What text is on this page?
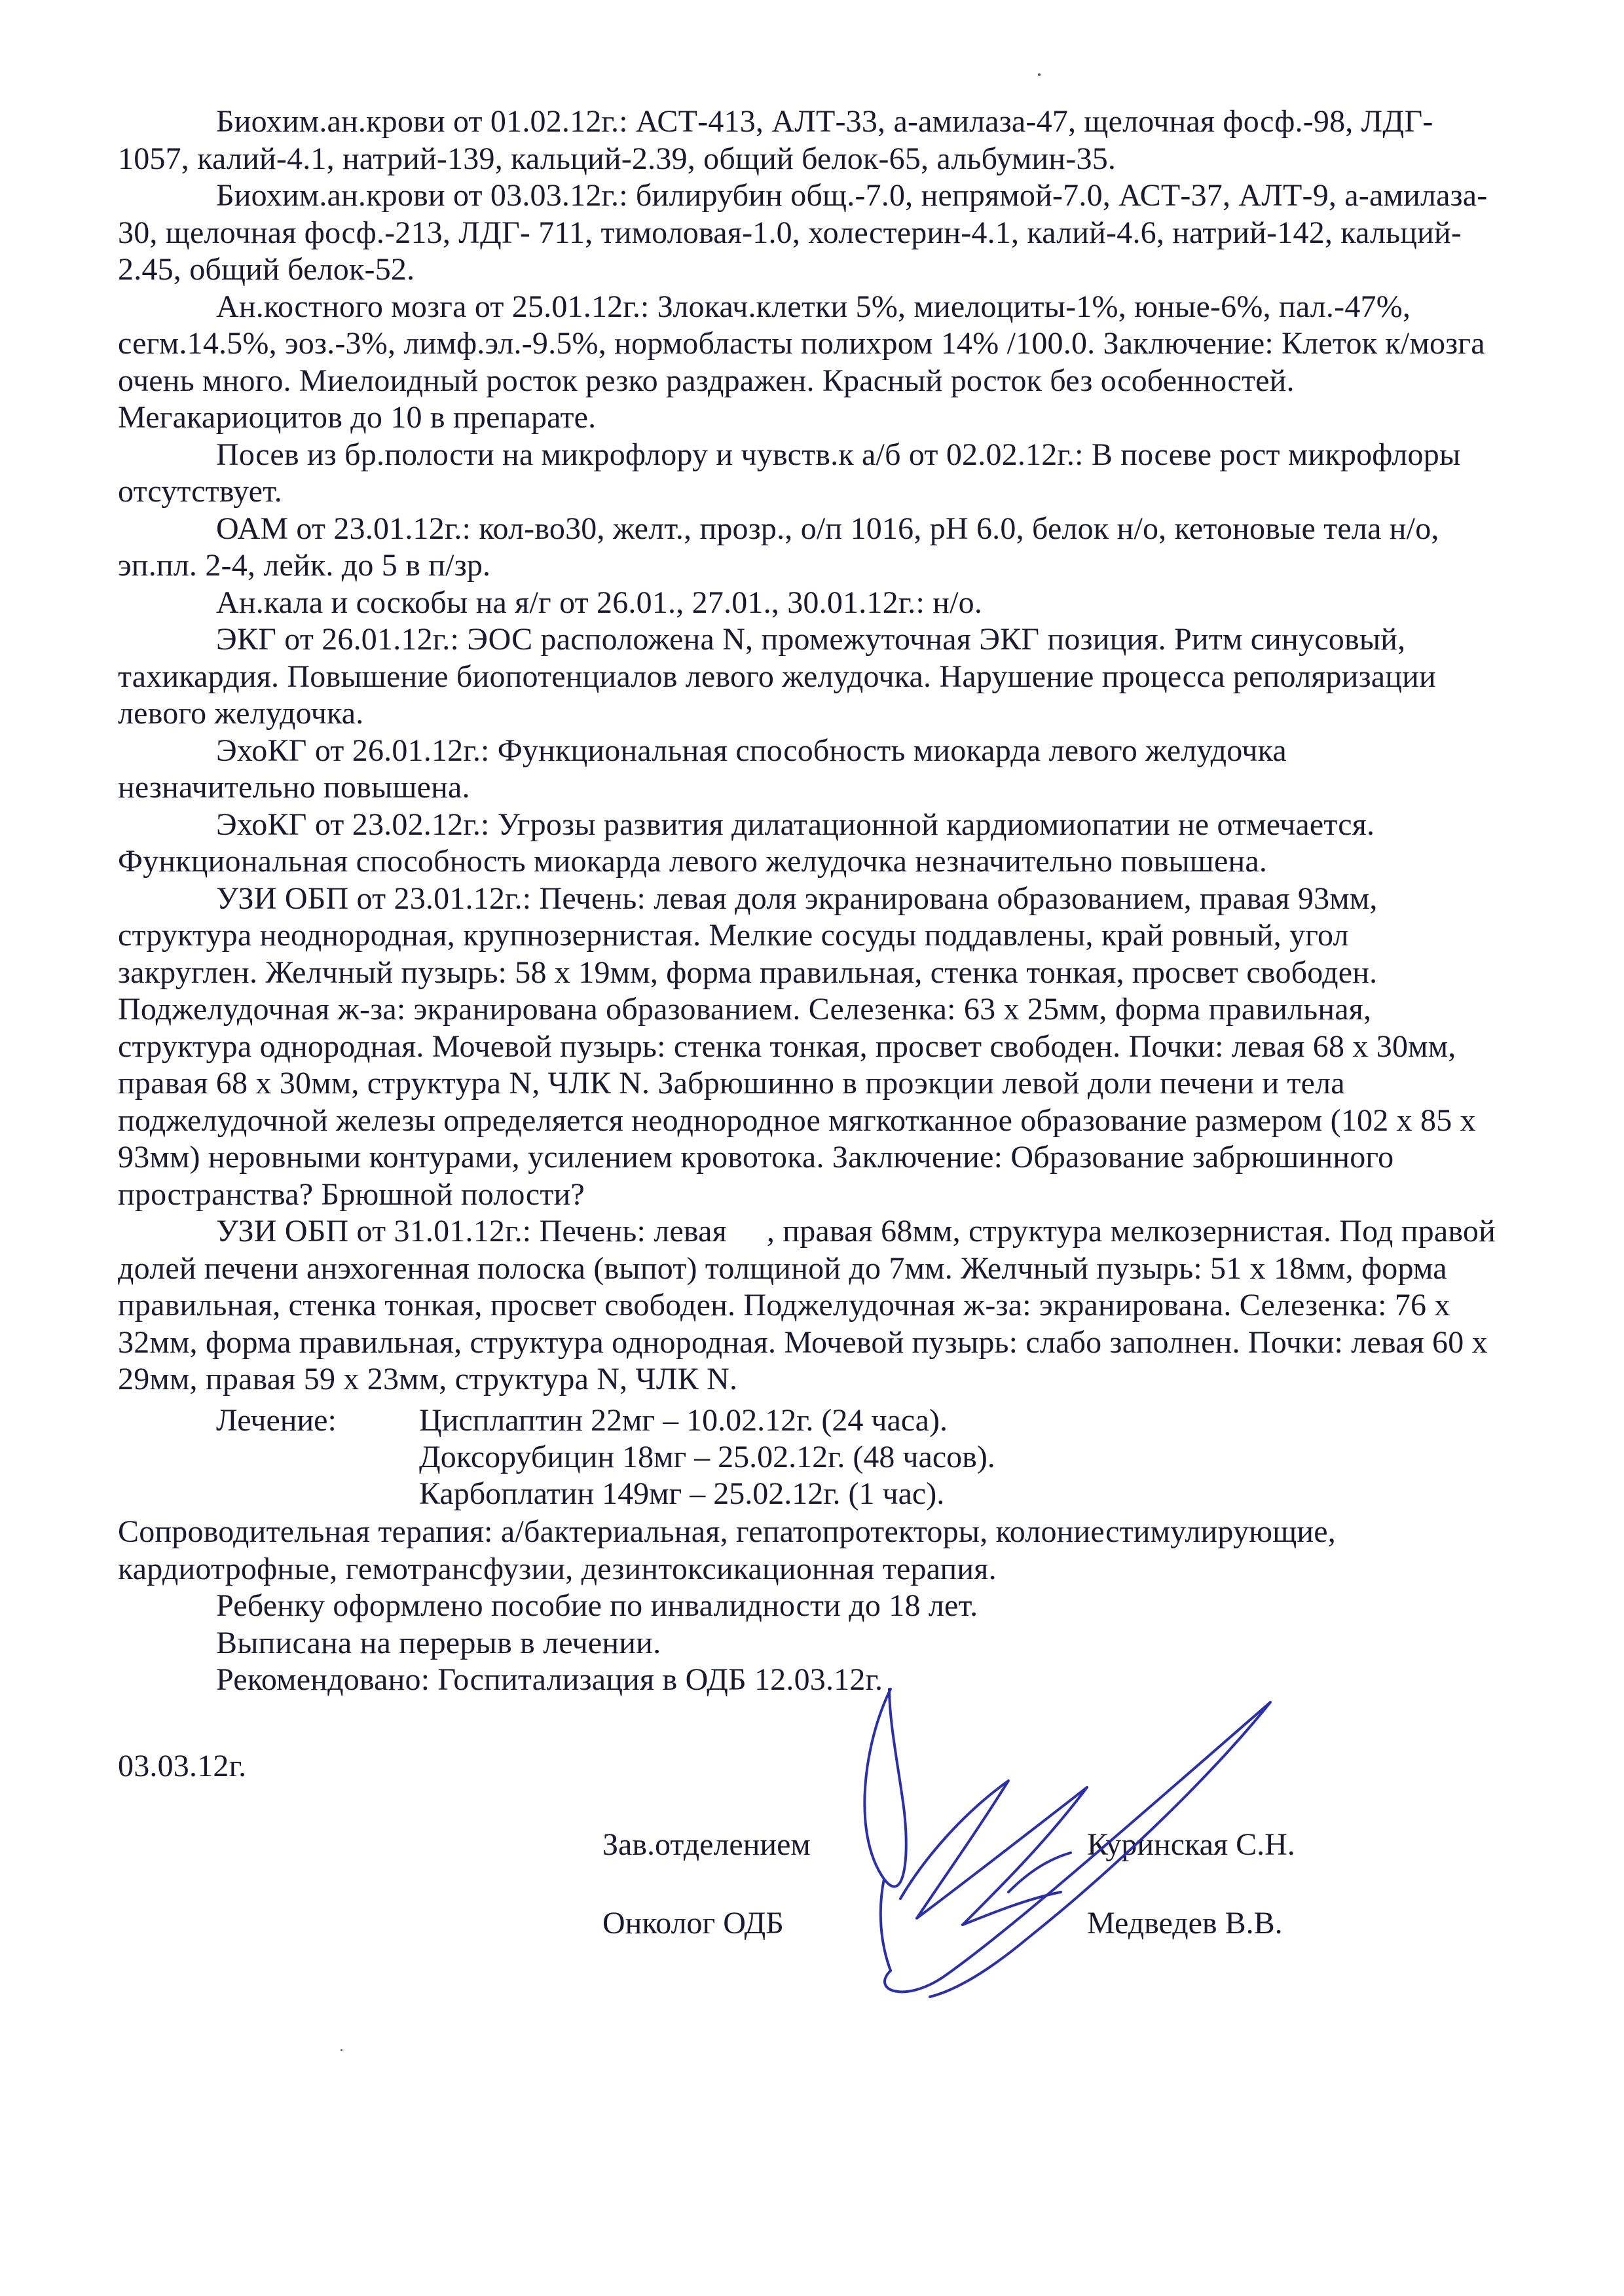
Биохим.ан.крови от 01.02.12г.: АСТ-413, АЛТ-33, а-амилаза-47, щелочная фосф.-98, ЛДГ-
1057, калий-4.1, натрий-139, кальций-2.39, общий белок-65, альбумин-35.
Биохим.ан.крови от 03.03.12г.: билирубин общ.-7.0, непрямой-7.0, АСТ-37, АЛТ-9, а-амилаза-
30, щелочная фосф.-213, ЛДГ- 711, тимоловая-1.0, холестерин-4.1, калий-4.6, натрий-142, кальций-
2.45, общий белок-52.
Ан.костного мозга от 25.01.12г.: Злокач.клетки 5%, миелоциты-1%, юные-6%, пал.-47%,
сегм.14.5%, эоз.-3%, лимф.эл.-9.5%, нормобласты полихром 14% /100.0. Заключение: Клеток к/мозга
очень много. Миелоидный росток резко раздражен. Красный росток без особенностей.
Мегакариоцитов до 10 в препарате.
Посев из бр.полости на микрофлору и чувств.к а/б от 02.02.12г.: В посеве рост микрофлоры
отсутствует.
ОАМ от 23.01.12г.: кол-во30, желт., прозр., о/п 1016, pH 6.0, белок н/о, кетоновые тела н/о,
эп.пл. 2-4, лейк. до 5 в п/зр.
Ан.кала и соскобы на я/г от 26.01., 27.01., 30.01.12г.: н/о.
ЭКГ от 26.01.12г.: ЭОС расположена N, промежуточная ЭКГ позиция. Ритм синусовый,
тахикардия. Повышение биопотенциалов левого желудочка. Нарушение процесса реполяризации
левого желудочка.
ЭхоКГ от 26.01.12г.: Функциональная способность миокарда левого желудочка
незначительно повышена.
ЭхоКГ от 23.02.12г.: Угрозы развития дилатационной кардиомиопатии не отмечается.
Функциональная способность миокарда левого желудочка незначительно повышена.
УЗИ ОБП от 23.01.12г.: Печень: левая доля экранирована образованием, правая 93мм,
структура неоднородная, крупнозернистая. Мелкие сосуды поддавлены, край ровный, угол
закруглен. Желчный пузырь: 58 х 19мм, форма правильная, стенка тонкая, просвет свободен.
Поджелудочная ж-за: экранирована образованием. Селезенка: 63 х 25мм, форма правильная,
структура однородная. Мочевой пузырь: стенка тонкая, просвет свободен. Почки: левая 68 х 30мм,
правая 68 х 30мм, структура N, ЧЛК N. Забрюшинно в проэкции левой доли печени и тела
поджелудочной железы определяется неоднородное мягкотканное образование размером (102 х 85 х
93мм) неровными контурами, усилением кровотока. Заключение: Образование забрюшинного
пространства? Брюшной полости?
УЗИ ОБП от 31.01.12г.: Печень: левая     , правая 68мм, структура мелкозернистая. Под правой
долей печени анэхогенная полоска (выпот) толщиной до 7мм. Желчный пузырь: 51 х 18мм, форма
правильная, стенка тонкая, просвет свободен. Поджелудочная ж-за: экранирована. Селезенка: 76 х
32мм, форма правильная, структура однородная. Мочевой пузырь: слабо заполнен. Почки: левая 60 х
29мм, правая 59 х 23мм, структура N, ЧЛК N.
Лечение:	Цисплаптин 22мг – 10.02.12г. (24 часа).
Доксорубицин 18мг – 25.02.12г. (48 часов).
Карбоплатин 149мг – 25.02.12г. (1 час).
Сопроводительная терапия: а/бактериальная, гепатопротекторы, колониестимулирующие,
кардиотрофные, гемотрансфузии, дезинтоксикационная терапия.
Ребенку оформлено пособие по инвалидности до 18 лет.
Выписана на перерыв в лечении.
Рекомендовано: Госпитализация в ОДБ 12.03.12г.
03.03.12г.
Зав.отделением	Куринская С.Н.
Онколог ОДБ	Медведев В.В.
